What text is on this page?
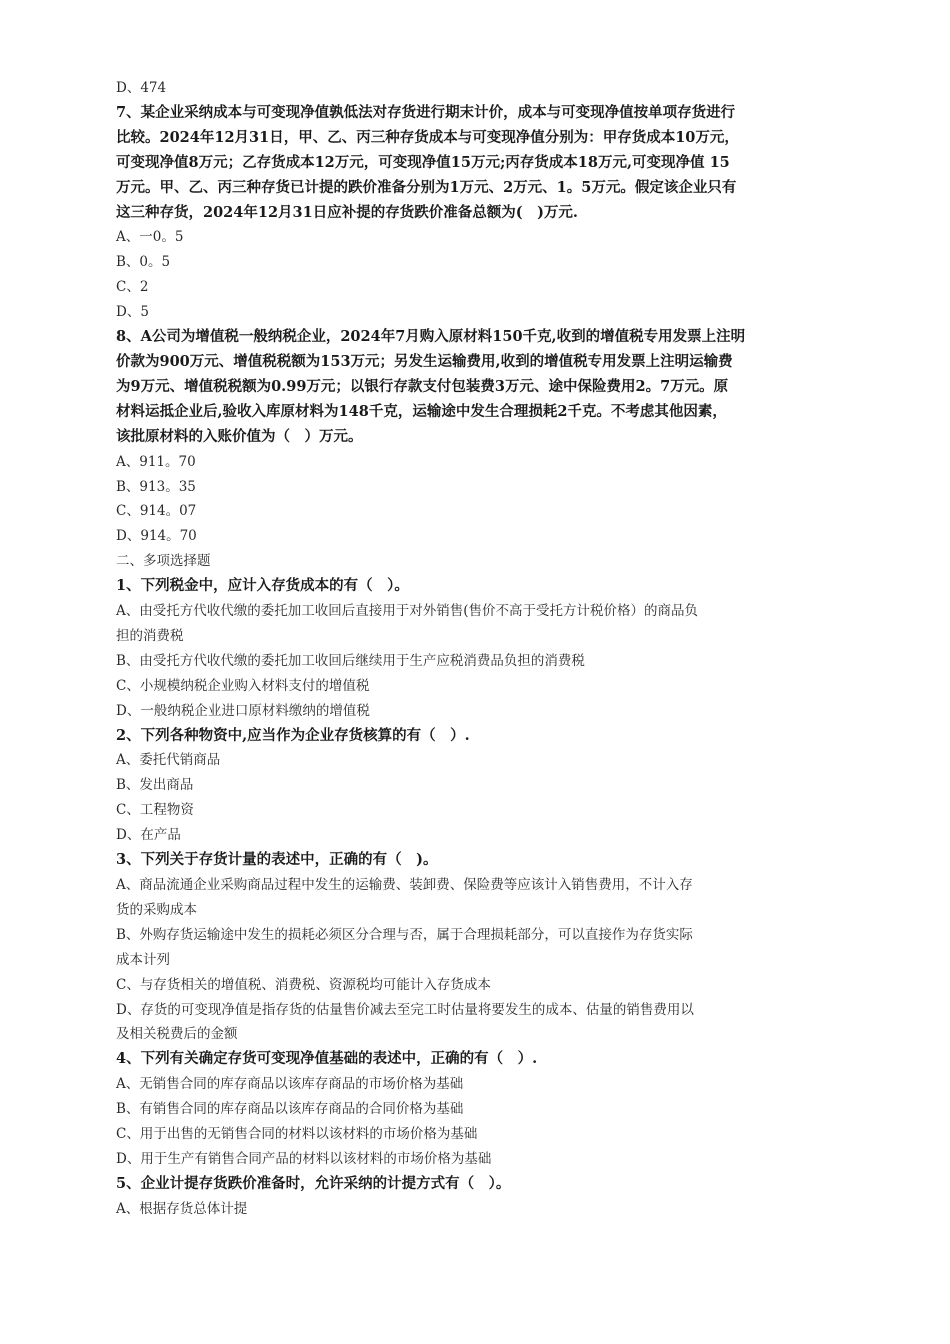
D、474
7、某企业采纳成本与可变现净值孰低法对存货进行期末计价，成本与可变现净值按单项存货进行
比较。2024年12月31日，甲、乙、丙三种存货成本与可变现净值分别为：甲存货成本10万元，
可变现净值8万元；乙存货成本12万元，可变现净值15万元;丙存货成本18万元,可变现净值 15
万元。甲、乙、丙三种存货已计提的跌价准备分别为1万元、2万元、1。5万元。假定该企业只有
这三种存货，2024年12月31日应补提的存货跌价准备总额为(　)万元.
A、一0。5
B、0。5
C、2
D、5
8、A公司为增值税一般纳税企业，2024年7月购入原材料150千克,收到的增值税专用发票上注明
价款为900万元、增值税税额为153万元；另发生运输费用,收到的增值税专用发票上注明运输费
为9万元、增值税税额为0.99万元；以银行存款支付包装费3万元、途中保险费用2。7万元。原
材料运抵企业后,验收入库原材料为148千克，运输途中发生合理损耗2千克。不考虑其他因素，
该批原材料的入账价值为（　）万元。
A、911。70
B、913。35
C、914。07
D、914。70
二、多项选择题
1、下列税金中，应计入存货成本的有（　）。
A、由受托方代收代缴的委托加工收回后直接用于对外销售(售价不高于受托方计税价格）的商品负
担的消费税
B、由受托方代收代缴的委托加工收回后继续用于生产应税消费品负担的消费税
C、小规模纳税企业购入材料支付的增值税
D、一般纳税企业进口原材料缴纳的增值税
2、下列各种物资中,应当作为企业存货核算的有（　）.
A、委托代销商品
B、发出商品
C、工程物资
D、在产品
3、下列关于存货计量的表述中，正确的有（　)。
A、商品流通企业采购商品过程中发生的运输费、装卸费、保险费等应该计入销售费用，不计入存
货的采购成本
B、外购存货运输途中发生的损耗必须区分合理与否，属于合理损耗部分，可以直接作为存货实际
成本计列
C、与存货相关的增值税、消费税、资源税均可能计入存货成本
D、存货的可变现净值是指存货的估量售价减去至完工时估量将要发生的成本、估量的销售费用以
及相关税费后的金额
4、下列有关确定存货可变现净值基础的表述中，正确的有（　）.
A、无销售合同的库存商品以该库存商品的市场价格为基础
B、有销售合同的库存商品以该库存商品的合同价格为基础
C、用于出售的无销售合同的材料以该材料的市场价格为基础
D、用于生产有销售合同产品的材料以该材料的市场价格为基础
5、企业计提存货跌价准备时，允许采纳的计提方式有（　）。
A、根据存货总体计提
